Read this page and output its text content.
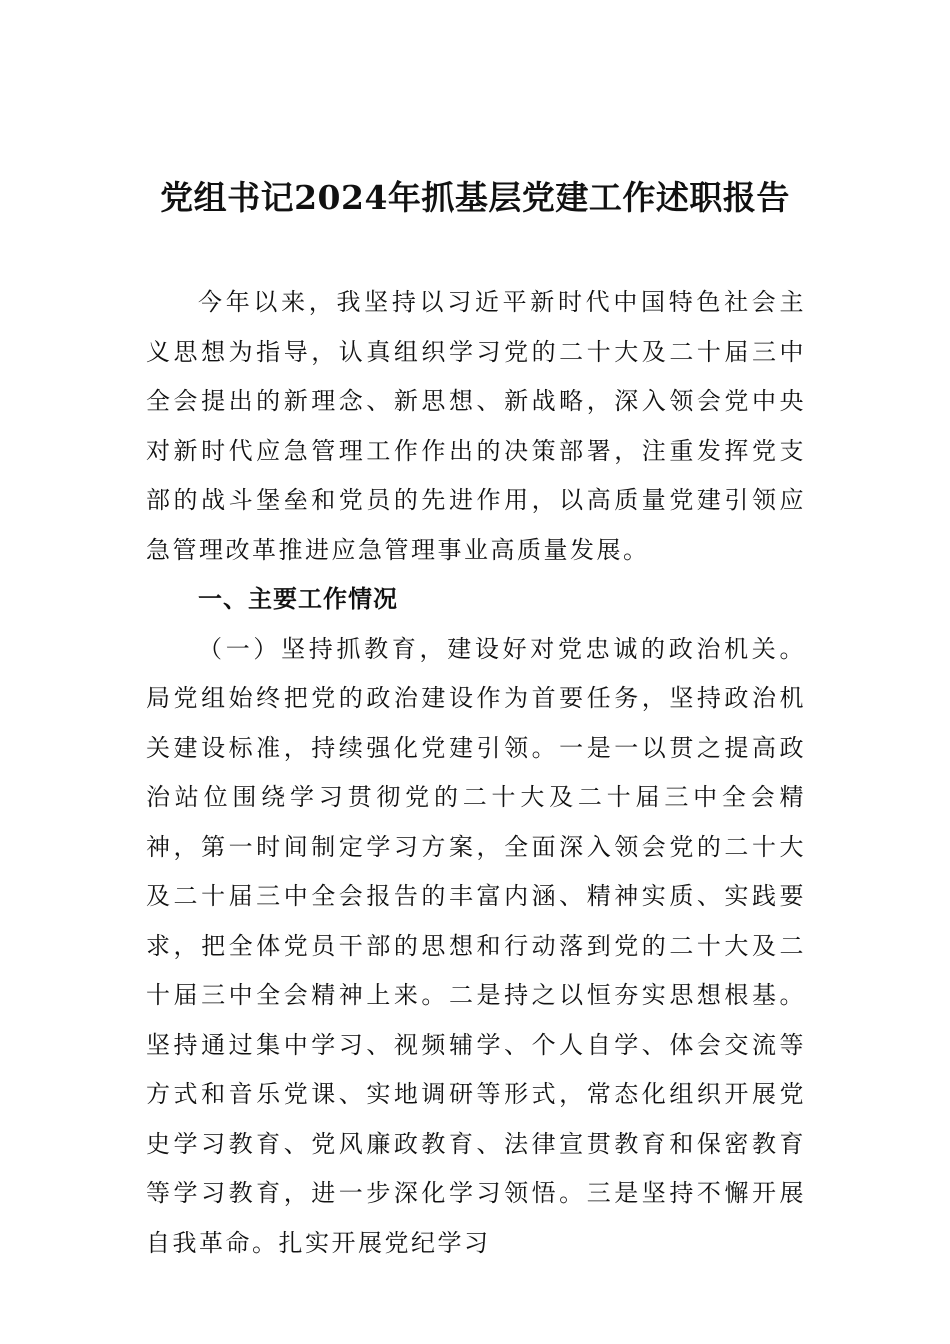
党组书记2024年抓基层党建工作述职报告

今年以来，我坚持以习近平新时代中国特色社会主义思想为指导，认真组织学习党的二十大及二十届三中全会提出的新理念、新思想、新战略，深入领会党中央对新时代应急管理工作作出的决策部署，注重发挥党支部的战斗堡垒和党员的先进作用，以高质量党建引领应急管理改革推进应急管理事业高质量发展。

一、主要工作情况

（一）坚持抓教育，建设好对党忠诚的政治机关。局党组始终把党的政治建设作为首要任务，坚持政治机关建设标准，持续强化党建引领。一是一以贯之提高政治站位围绕学习贯彻党的二十大及二十届三中全会精神，第一时间制定学习方案，全面深入领会党的二十大及二十届三中全会报告的丰富内涵、精神实质、实践要求，把全体党员干部的思想和行动落到党的二十大及二十届三中全会精神上来。二是持之以恒夯实思想根基。坚持通过集中学习、视频辅学、个人自学、体会交流等方式和音乐党课、实地调研等形式，常态化组织开展党史学习教育、党风廉政教育、法律宣贯教育和保密教育等学习教育，进一步深化学习领悟。三是坚持不懈开展自我革命。扎实开展党纪学习
